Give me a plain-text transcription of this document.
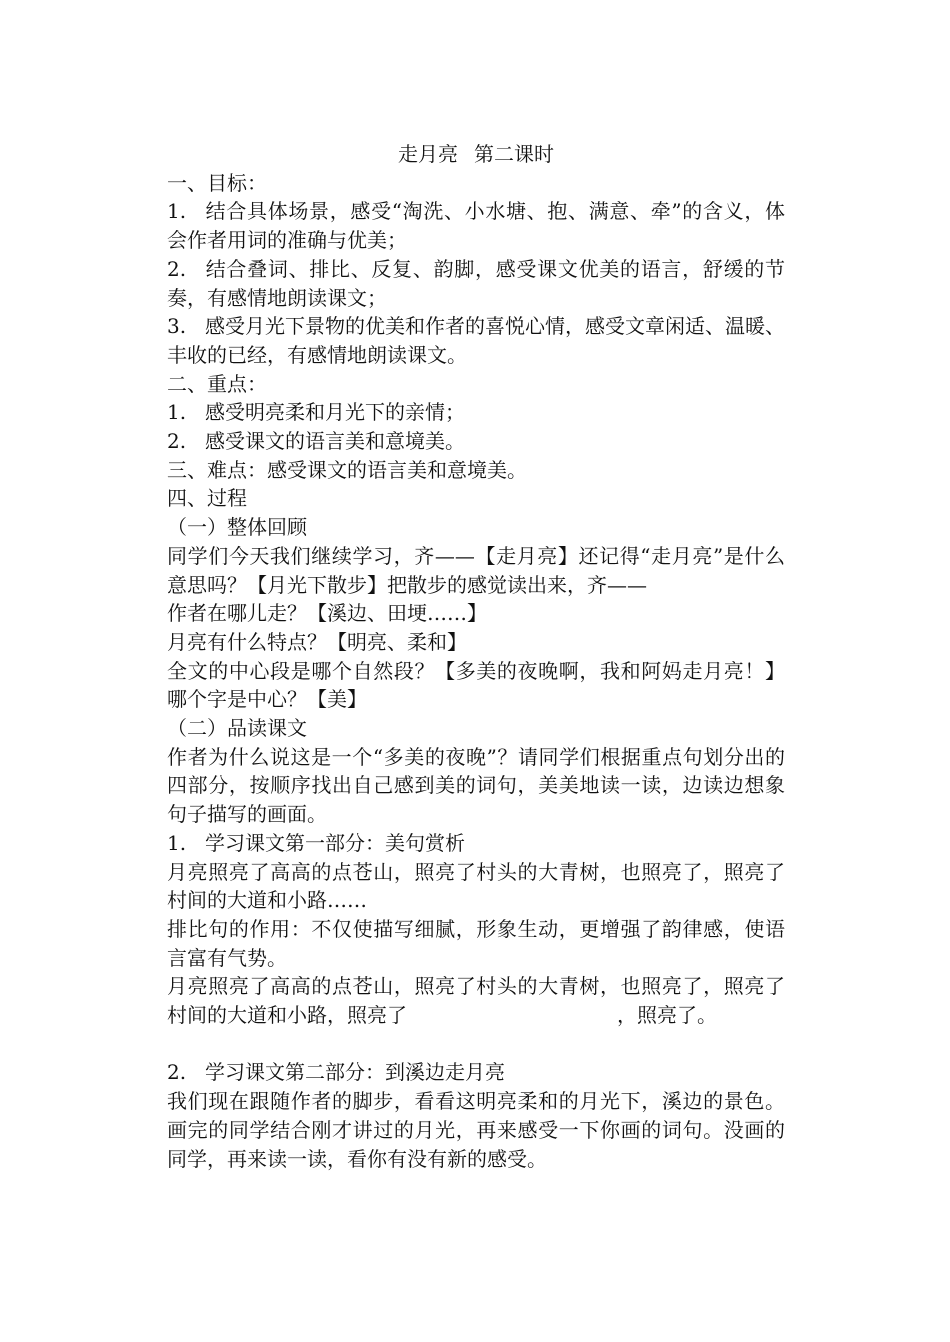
走月亮 第二课时

一、目标：

1. 结合具体场景，感受“淘洗、小水塘、抱、满意、牵”的含义，体会作者用词的准确与优美；

2. 结合叠词、排比、反复、韵脚，感受课文优美的语言，舒缓的节奏，有感情地朗读课文；

3. 感受月光下景物的优美和作者的喜悦心情，感受文章闲适、温暖、丰收的已经，有感情地朗读课文。

二、重点：

1. 感受明亮柔和月光下的亲情；

2. 感受课文的语言美和意境美。

三、难点：感受课文的语言美和意境美。

四、过程

（一）整体回顾

同学们今天我们继续学习，齐——【走月亮】还记得“走月亮”是什么意思吗？【月光下散步】把散步的感觉读出来，齐——

作者在哪儿走？【溪边、田埂……】

月亮有什么特点？【明亮、柔和】

全文的中心段是哪个自然段？【多美的夜晚啊，我和阿妈走月亮！】哪个字是中心？【美】

（二）品读课文

作者为什么说这是一个“多美的夜晚”？请同学们根据重点句划分出的四部分，按顺序找出自己感到美的词句，美美地读一读，边读边想象句子描写的画面。

1. 学习课文第一部分：美句赏析

月亮照亮了高高的点苍山，照亮了村头的大青树，也照亮了，照亮了村间的大道和小路……

排比句的作用：不仅使描写细腻，形象生动，更增强了韵律感，使语言富有气势。

月亮照亮了高高的点苍山，照亮了村头的大青树，也照亮了，照亮了村间的大道和小路，照亮了	，照亮了。

2. 学习课文第二部分：到溪边走月亮

我们现在跟随作者的脚步，看看这明亮柔和的月光下，溪边的景色。画完的同学结合刚才讲过的月光，再来感受一下你画的词句。没画的同学，再来读一读，看你有没有新的感受。
